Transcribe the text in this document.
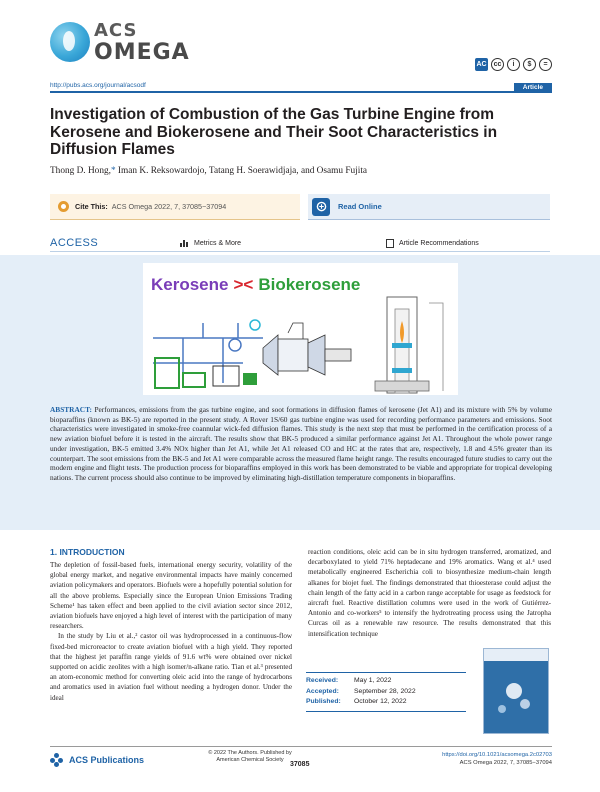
ACS
OMEGA	AC	cc	i	$	=
http://pubs.acs.org/journal/acsodf	Article
Investigation of Combustion of the Gas Turbine Engine from Kerosene and Biokerosene and Their Soot Characteristics in Diffusion Flames
Thong D. Hong,* Iman K. Reksowardojo, Tatang H. Soerawidjaja, and Osamu Fujita
Cite This: ACS Omega 2022, 7, 37085−37094	Read Online
ACCESS	Metrics & More	Article Recommendations
Kerosene >< Biokerosene

ABSTRACT: Performances, emissions from the gas turbine engine, and soot formations in diffusion flames of kerosene (Jet A1) and its mixture with 5% by volume bioparaffins (known as BK-5) are reported in the present study. A Rover 1S/60 gas turbine engine was used for recording performance parameters and emissions. Soot characteristics were investigated in smoke-free coannular wick-fed diffusion flames. This study is the next step that must be performed in the certification process of a new aviation biofuel before it is tested in the aircraft. The results show that BK-5 produced a similar performance against Jet A1. Throughout the whole power range under investigation, BK-5 emitted 3.4% NOx higher than Jet A1, while Jet A1 released CO and HC at the rates that are, respectively, 1.8 and 4.5% greater than its counterpart. The soot emissions from the BK-5 and Jet A1 were comparable across the measured flame height range. The results encouraged future studies to carry out the modern engine and flight tests. The production process for bioparaffins employed in this work has been demonstrated to be viable and appropriate for tropical developing nations. The current process should also continue to be improved by eliminating high-distillation temperature components in bioparaffins.

1. INTRODUCTION

The depletion of fossil-based fuels, international energy security, volatility of the global energy market, and negative environmental impacts have mainly concerned aviation policymakers and operators. Biofuels were a hopefully potential solution for all the above problems. Especially since the European Union Emissions Trading Scheme¹ has taken effect and been applied to the civil aviation sector since 2012, aviation biofuels have enjoyed a high level of interest with the participation of many researchers.

In the study by Liu et al.,² castor oil was hydroprocessed in a continuous-flow fixed-bed microreactor to create aviation biofuel with a high yield. They reported that the highest jet paraffin range yields of 91.6 wt% were obtained over nickel supported on acidic zeolites with a high isomer/n-alkane ratio. Tian et al.³ presented an atom-economic method for converting oleic acid into the range of hydrocarbons and aromatics used in aviation fuel without needing a hydrogen donor. Under the ideal

reaction conditions, oleic acid can be in situ hydrogen transferred, aromatized, and decarboxylated to yield 71% heptadecane and 19% aromatics. Wang et al.⁴ used metabolically engineered Escherichia coli to biosynthesize medium-chain length alkanes for biojet fuel. The findings demonstrated that thioesterase could adjust the chain length of the fatty acid in a carbon range acceptable for usage as feedstock for aircraft fuel. Reactive distillation columns were used in the work of Gutiérrez-Antonio and co-workers⁵ to intensify the hydrotreating process using the Jatropha Curcas oil as a renewable raw resource. The results demonstrated that this intensification technique

Received: May 1, 2022
Accepted: September 28, 2022
Published: October 12, 2022
ACS Publications
© 2022 The Authors. Published by
American Chemical Society
37085
https://doi.org/10.1021/acsomega.2c02703
ACS Omega 2022, 7, 37085−37094
